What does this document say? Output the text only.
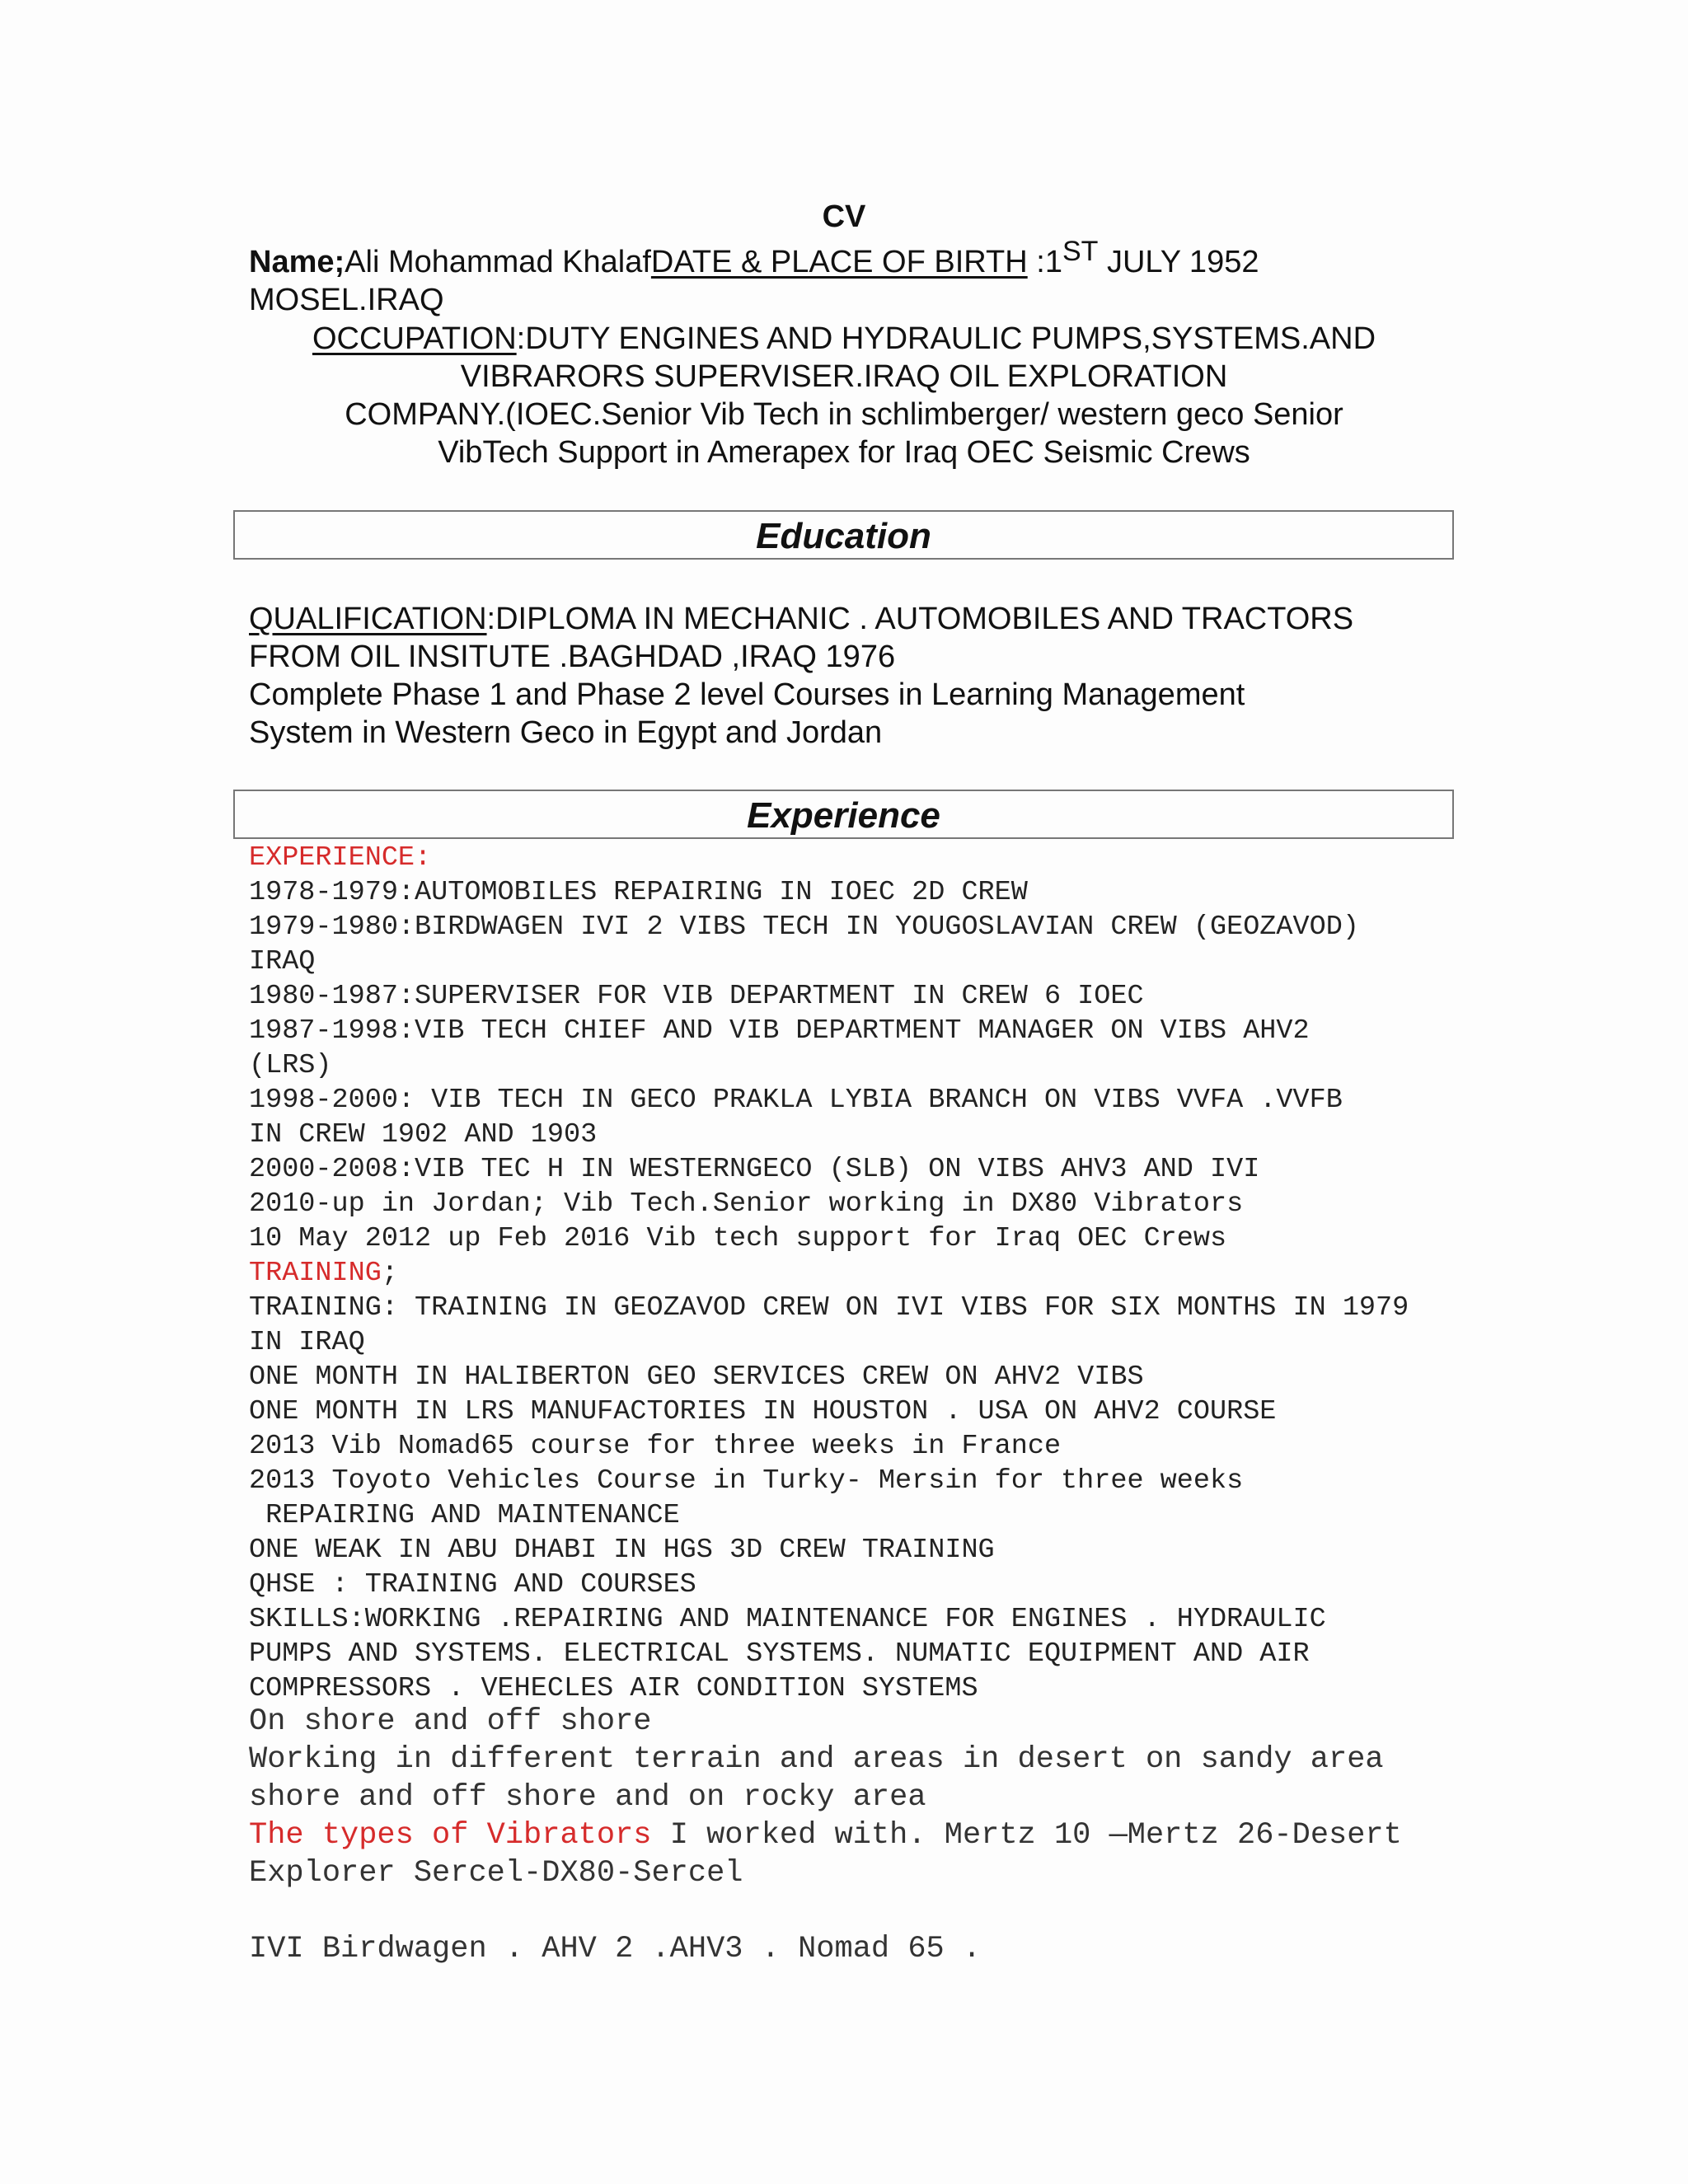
CV
Name;Ali Mohammad KhalafDATE & PLACE OF BIRTH :1ST JULY 1952
MOSEL.IRAQ
OCCUPATION:DUTY ENGINES AND HYDRAULIC PUMPS,SYSTEMS.AND
VIBRARORS SUPERVISER.IRAQ OIL EXPLORATION
COMPANY.(IOEC.Senior Vib Tech in schlimberger/ western geco Senior
VibTech Support in Amerapex for Iraq OEC Seismic Crews
Education
QUALIFICATION:DIPLOMA IN MECHANIC . AUTOMOBILES AND TRACTORS
FROM OIL INSITUTE .BAGHDAD ,IRAQ 1976
Complete Phase 1 and Phase 2 level Courses in Learning Management
System in Western Geco in Egypt and Jordan
Experience
EXPERIENCE:
1978-1979:AUTOMOBILES REPAIRING IN IOEC 2D CREW
1979-1980:BIRDWAGEN IVI 2 VIBS TECH IN YOUGOSLAVIAN CREW (GEOZAVOD)
IRAQ
1980-1987:SUPERVISER FOR VIB DEPARTMENT IN CREW 6 IOEC
1987-1998:VIB TECH CHIEF AND VIB DEPARTMENT MANAGER ON VIBS AHV2
(LRS)
1998-2000: VIB TECH IN GECO PRAKLA LYBIA BRANCH ON VIBS VVFA .VVFB
IN CREW 1902 AND 1903
2000-2008:VIB TEC H IN WESTERNGECO (SLB) ON VIBS AHV3 AND IVI
2010-up in Jordan; Vib Tech.Senior working in DX80 Vibrators
10 May 2012 up Feb 2016 Vib tech support for Iraq OEC Crews
TRAINING;
TRAINING: TRAINING IN GEOZAVOD CREW ON IVI VIBS FOR SIX MONTHS IN 1979
IN IRAQ
ONE MONTH IN HALIBERTON GEO SERVICES CREW ON AHV2 VIBS
ONE MONTH IN LRS MANUFACTORIES IN HOUSTON . USA ON AHV2 COURSE
2013 Vib Nomad65 course for three weeks in France
2013 Toyoto Vehicles Course in Turky- Mersin for three weeks
REPAIRING AND MAINTENANCE
ONE WEAK IN ABU DHABI IN HGS 3D CREW TRAINING
QHSE : TRAINING AND COURSES
SKILLS:WORKING .REPAIRING AND MAINTENANCE FOR ENGINES . HYDRAULIC
PUMPS AND SYSTEMS. ELECTRICAL SYSTEMS. NUMATIC EQUIPMENT AND AIR
COMPRESSORS . VEHECLES AIR CONDITION SYSTEMS
On shore and off shore
Working in different terrain and areas in desert on sandy area
shore and off shore and on rocky area
The types of Vibrators I worked with. Mertz 10 —Mertz 26-Desert
Explorer Sercel-DX80-Sercel
IVI Birdwagen . AHV 2 .AHV3 . Nomad 65 .
